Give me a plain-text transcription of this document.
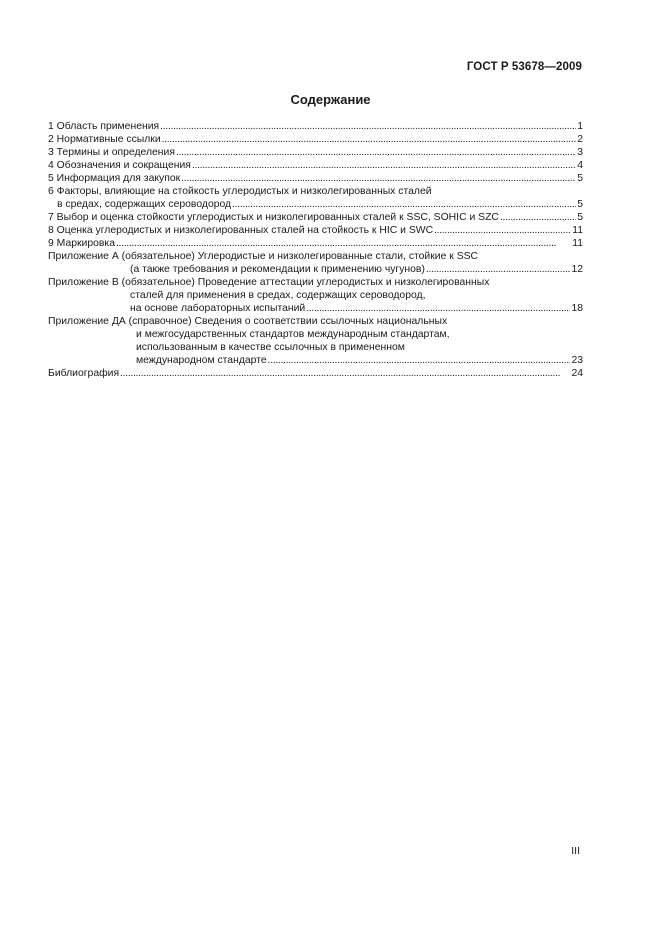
ГОСТ Р 53678—2009
Содержание
1 Область применения . . .	1
2 Нормативные ссылки . . .	2
3 Термины и определения . . .	3
4 Обозначения и сокращения . . .	4
5 Информация для закупок . . .	5
6 Факторы, влияющие на стойкость углеродистых и низколегированных сталей
в средах, содержащих сероводород . . .	5
7 Выбор и оценка стойкости углеродистых и низколегированных сталей к SSC, SOHIC и SZC . . .	5
8 Оценка углеродистых и низколегированных сталей на стойкость к HIC и SWC . . .	11
9 Маркировка . . .	11
Приложение А (обязательное) Углеродистые и низколегированные стали, стойкие к SSC
(а также требования и рекомендации к применению чугунов) . . .	12
Приложение В (обязательное) Проведение аттестации углеродистых и низколегированных
сталей для применения в средах, содержащих сероводород,
на основе лабораторных испытаний . . .	18
Приложение ДА (справочное) Сведения о соответствии ссылочных национальных
и межгосударственных стандартов международным стандартам,
использованным в качестве ссылочных в примененном
международном стандарте . . .	23
Библиография . . .	24
III
